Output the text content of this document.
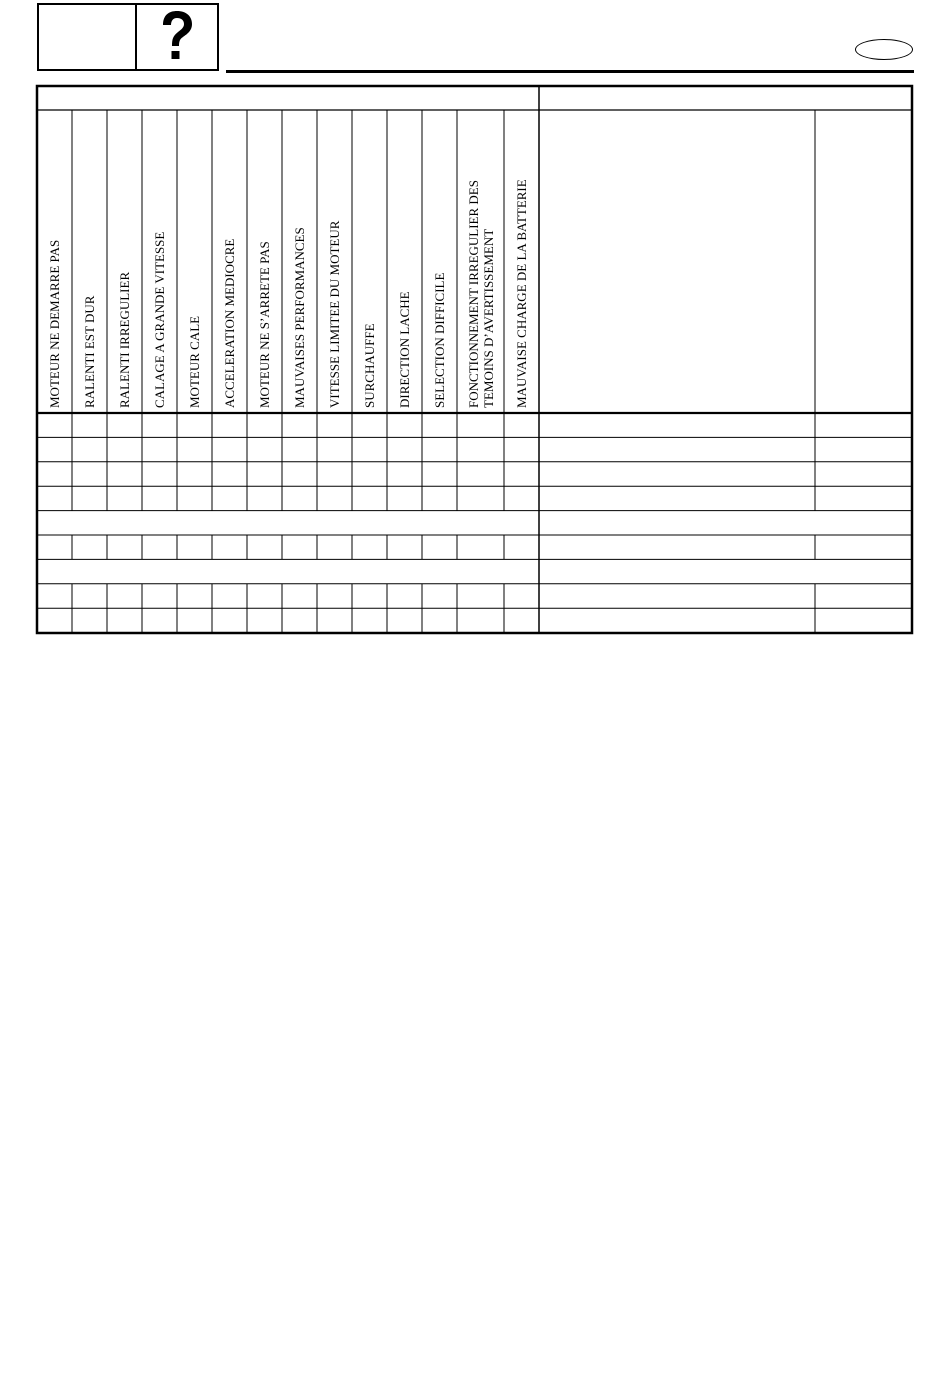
MOTEUR NE DEMARRE PAS RALENTI EST DUR RALENTI IRREGULIER CALAGE A GRANDE VITESSE MOTEUR CALE ACCELERATION MEDIOCRE MOTEUR NE S’ARRETE PAS MAUVAISES PERFORMANCES VITESSE LIMITEE DU MOTEUR SURCHAUFFE DIRECTION LACHE SELECTION DIFFICILE FONCTIONNEMENT IRREGULIER DES TEMOINS D’AVERTISSEMENT MAUVAISE CHARGE DE LA BATTERIE
